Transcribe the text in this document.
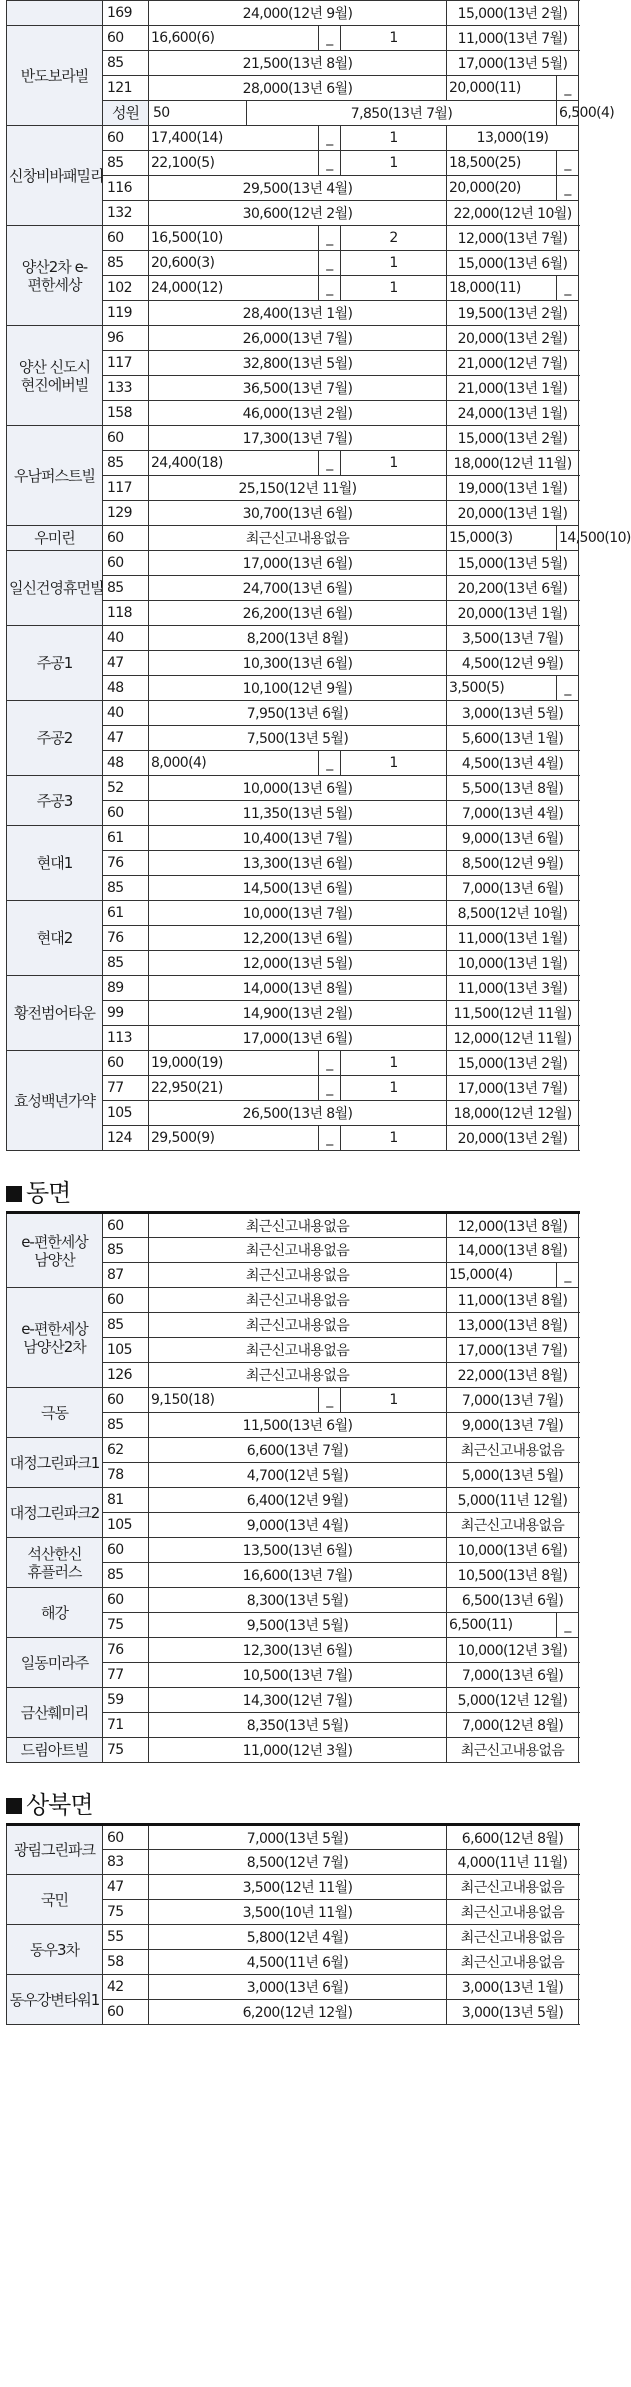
	169	24,000(12년 9월)				15,000(13년 2월)		
반도보라빌	60	16,600(6)		_	1	11,000(13년 7월)		
	85	21,500(13년 8월)				17,000(13년 5월)		
	121	28,000(13년 6월)				20,000(11)	_	
	성원	50	7,850(13년 7월)				6,500(4)		
신창비바패밀리	60	17,400(14)		_	1	13,000(19)		
	85	22,100(5)		_	1	18,500(25)	_	
	116	29,500(13년 4월)				20,000(20)	_	
	132	30,600(12년 2월)				22,000(12년 10월)		
양산2차 e-편한세상	60	16,500(10)		_	2	12,000(13년 7월)		
	85	20,600(3)		_	1	15,000(13년 6월)		
	102	24,000(12)		_	1	18,000(11)	_	
	119	28,400(13년 1월)				19,500(13년 2월)		
양산 신도시 현진에버빌	96	26,000(13년 7월)				20,000(13년 2월)		
	117	32,800(13년 5월)				21,000(12년 7월)		
	133	36,500(13년 7월)				21,000(13년 1월)		
	158	46,000(13년 2월)				24,000(13년 1월)		
우남퍼스트빌	60	17,300(13년 7월)				15,000(13년 2월)		
	85	24,400(18)		_	1	18,000(12년 11월)		
	117	25,150(12년 11월)				19,000(13년 1월)		
	129	30,700(13년 6월)				20,000(13년 1월)		
우미린	60	최근신고내용없음				15,000(3)	14,500(10)	
일신건영휴먼빌	60	17,000(13년 6월)				15,000(13년 5월)		
	85	24,700(13년 6월)				20,200(13년 6월)		
	118	26,200(13년 6월)				20,000(13년 1월)		
주공1	40	8,200(13년 8월)				3,500(13년 7월)		
	47	10,300(13년 6월)				4,500(12년 9월)		
	48	10,100(12년 9월)				3,500(5)	_	
주공2	40	7,950(13년 6월)				3,000(13년 5월)		
	47	7,500(13년 5월)				5,600(13년 1월)		
	48	8,000(4)		_	1	4,500(13년 4월)		
주공3	52	10,000(13년 6월)				5,500(13년 8월)		
	60	11,350(13년 5월)				7,000(13년 4월)		
현대1	61	10,400(13년 7월)				9,000(13년 6월)		
	76	13,300(13년 6월)				8,500(12년 9월)		
	85	14,500(13년 6월)				7,000(13년 6월)		
현대2	61	10,000(13년 7월)				8,500(12년 10월)		
	76	12,200(13년 6월)				11,000(13년 1월)		
	85	12,000(13년 5월)				10,000(13년 1월)		
황전범어타운	89	14,000(13년 8월)				11,000(13년 3월)		
	99	14,900(13년 2월)				11,500(12년 11월)		
	113	17,000(13년 6월)				12,000(12년 11월)		
효성백년가약	60	19,000(19)		_	1	15,000(13년 2월)		
	77	22,950(21)		_	1	17,000(13년 7월)		
	105	26,500(13년 8월)				18,000(12년 12월)		
	124	29,500(9)		_	1	20,000(13년 2월)		
동면
e-편한세상 남양산	60	최근신고내용없음			12,000(13년 8월)		
	85	최근신고내용없음			14,000(13년 8월)		
	87	최근신고내용없음			15,000(4)	_	
e-편한세상 남양산2차	60	최근신고내용없음			11,000(13년 8월)		
	85	최근신고내용없음			13,000(13년 8월)		
	105	최근신고내용없음			17,000(13년 7월)		
	126	최근신고내용없음			22,000(13년 8월)		
극동	60	9,150(18)	_	1	7,000(13년 7월)		
	85	11,500(13년 6월)			9,000(13년 7월)		
대정그린파크1	62	6,600(13년 7월)			최근신고내용없음		
	78	4,700(12년 5월)			5,000(13년 5월)		
대정그린파크2	81	6,400(12년 9월)			5,000(11년 12월)		
	105	9,000(13년 4월)			최근신고내용없음		
석산한신 휴플러스	60	13,500(13년 6월)			10,000(13년 6월)		
	85	16,600(13년 7월)			10,500(13년 8월)		
해강	60	8,300(13년 5월)			6,500(13년 6월)		
	75	9,500(13년 5월)			6,500(11)	_	
일동미라주	76	12,300(13년 6월)			10,000(12년 3월)		
	77	10,500(13년 7월)			7,000(13년 6월)		
금산훼미리	59	14,300(12년 7월)			5,000(12년 12월)		
	71	8,350(13년 5월)			7,000(12년 8월)		
드림아트빌	75	11,000(12년 3월)			최근신고내용없음		
상북면
광림그린파크	60	7,000(13년 5월)	6,600(12년 8월)
	83	8,500(12년 7월)	4,000(11년 11월)
국민	47	3,500(12년 11월)	최근신고내용없음
	75	3,500(10년 11월)	최근신고내용없음
동우3차	55	5,800(12년 4월)	최근신고내용없음
	58	4,500(11년 6월)	최근신고내용없음
동우강변타워1	42	3,000(13년 6월)	3,000(13년 1월)
	60	6,200(12년 12월)	3,000(13년 5월)
